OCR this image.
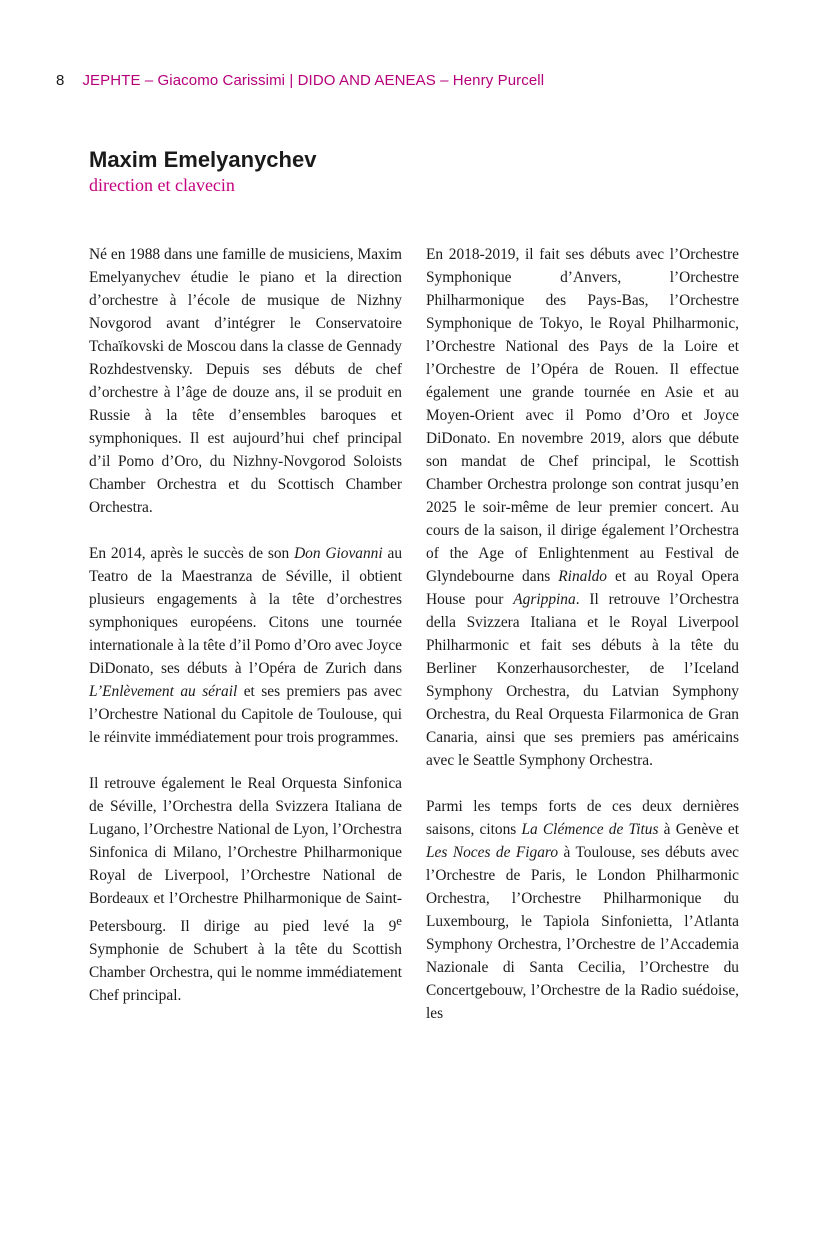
8 JEPHTE – Giacomo Carissimi | DIDO AND AENEAS – Henry Purcell
Maxim Emelyanychev
direction et clavecin

Né en 1988 dans une famille de musiciens, Maxim Emelyanychev étudie le piano et la direction d’orchestre à l’école de musique de Nizhny Novgorod avant d’intégrer le Conservatoire Tchaïkovski de Moscou dans la classe de Gennady Rozhdestvensky. Depuis ses débuts de chef d’orchestre à l’âge de douze ans, il se produit en Russie à la tête d’ensembles baroques et symphoniques. Il est aujourd’hui chef principal d’il Pomo d’Oro, du Nizhny-Novgorod Soloists Chamber Orchestra et du Scottisch Chamber Orchestra.

En 2014, après le succès de son Don Giovanni au Teatro de la Maestranza de Séville, il obtient plusieurs engagements à la tête d’orchestres symphoniques européens. Citons une tournée internationale à la tête d’il Pomo d’Oro avec Joyce DiDonato, ses débuts à l’Opéra de Zurich dans L’Enlèvement au sérail et ses premiers pas avec l’Orchestre National du Capitole de Toulouse, qui le réinvite immédiatement pour trois programmes.

Il retrouve également le Real Orquesta Sinfonica de Séville, l’Orchestra della Svizzera Italiana de Lugano, l’Orchestre National de Lyon, l’Orchestra Sinfonica di Milano, l’Orchestre Philharmonique Royal de Liverpool, l’Orchestre National de Bordeaux et l’Orchestre Philharmonique de Saint-Petersbourg. Il dirige au pied levé la 9e Symphonie de Schubert à la tête du Scottish Chamber Orchestra, qui le nomme immédiatement Chef principal.

En 2018-2019, il fait ses débuts avec l’Orchestre Symphonique d’Anvers, l’Orchestre Philharmonique des Pays-Bas, l’Orchestre Symphonique de Tokyo, le Royal Philharmonic, l’Orchestre National des Pays de la Loire et l’Orchestre de l’Opéra de Rouen. Il effectue également une grande tournée en Asie et au Moyen-Orient avec il Pomo d’Oro et Joyce DiDonato. En novembre 2019, alors que débute son mandat de Chef principal, le Scottish Chamber Orchestra prolonge son contrat jusqu’en 2025 le soir-même de leur premier concert. Au cours de la saison, il dirige également l’Orchestra of the Age of Enlightenment au Festival de Glyndebourne dans Rinaldo et au Royal Opera House pour Agrippina. Il retrouve l’Orchestra della Svizzera Italiana et le Royal Liverpool Philharmonic et fait ses débuts à la tête du Berliner Konzerhausorchester, de l’Iceland Symphony Orchestra, du Latvian Symphony Orchestra, du Real Orquesta Filarmonica de Gran Canaria, ainsi que ses premiers pas américains avec le Seattle Symphony Orchestra.

Parmi les temps forts de ces deux dernières saisons, citons La Clémence de Titus à Genève et Les Noces de Figaro à Toulouse, ses débuts avec l’Orchestre de Paris, le London Philharmonic Orchestra, l’Orchestre Philharmonique du Luxembourg, le Tapiola Sinfonietta, l’Atlanta Symphony Orchestra, l’Orchestre de l’Accademia Nazionale di Santa Cecilia, l’Orchestre du Concertgebouw, l’Orchestre de la Radio suédoise, les
